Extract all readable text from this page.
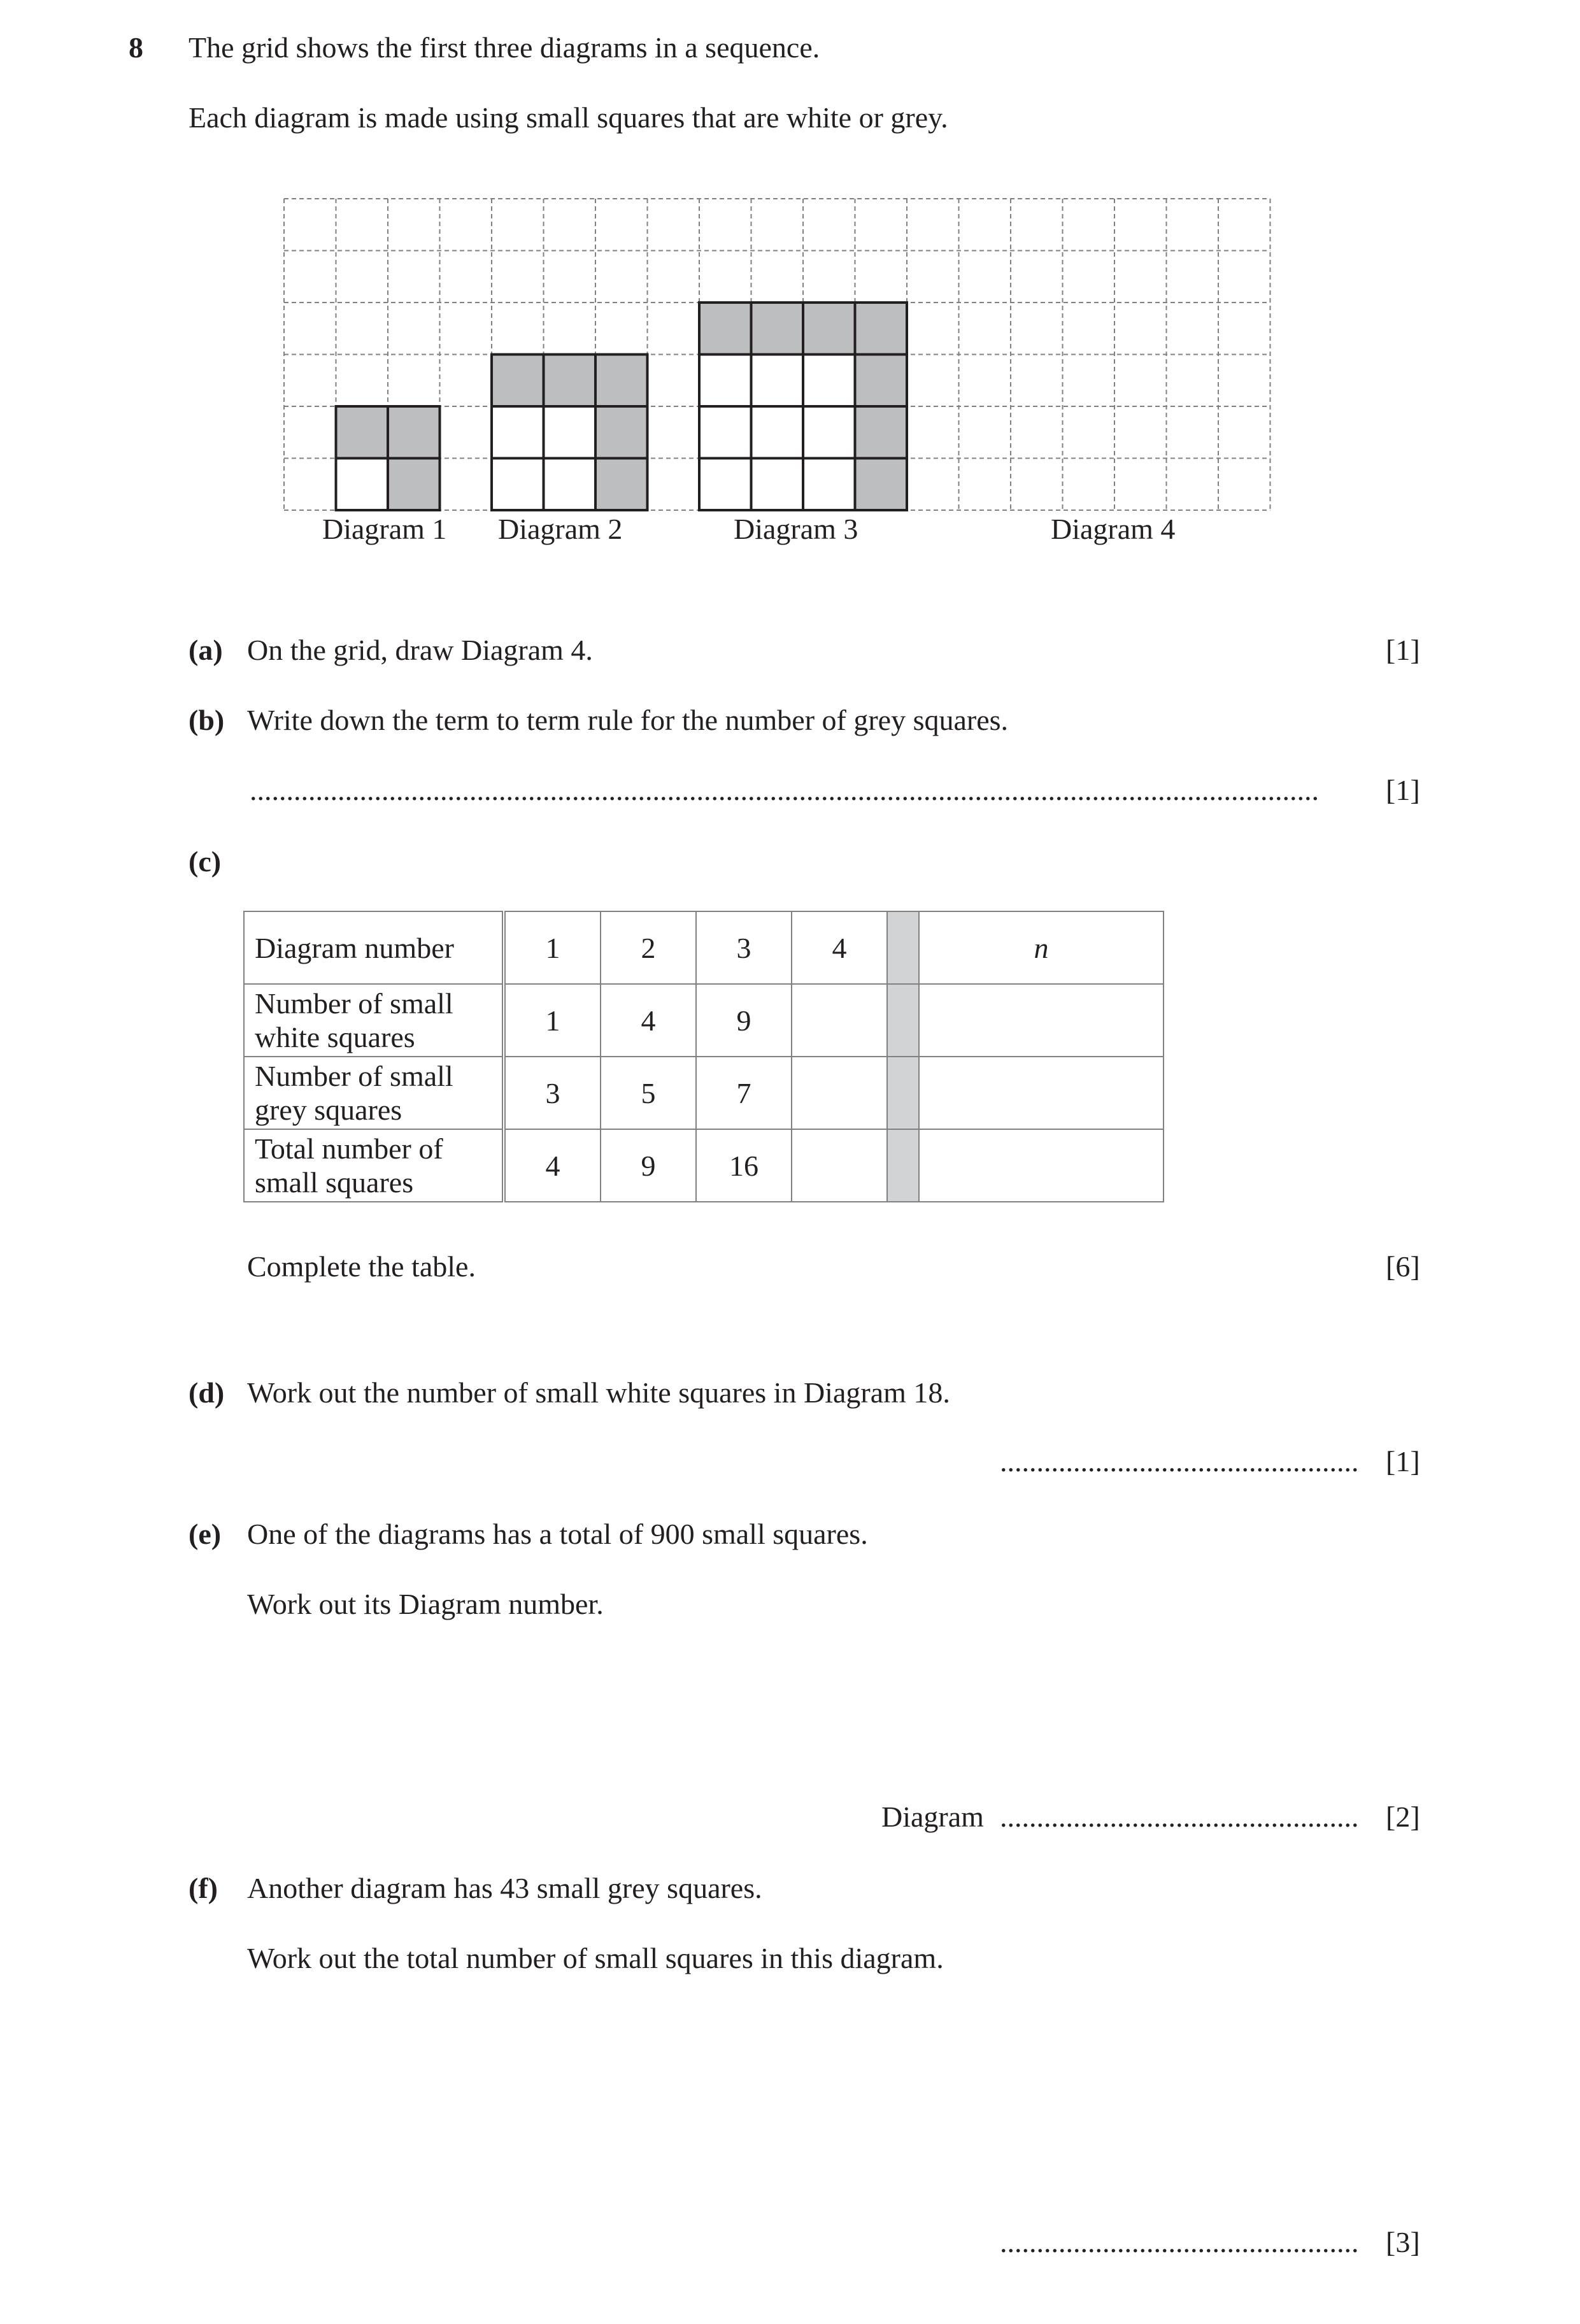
8 The grid shows the first three diagrams in a sequence.
Each diagram is made using small squares that are white or grey.
Diagram 1 Diagram 2	Diagram 3	Diagram 4
(a) On the grid, draw Diagram 4.	[1]
(b) Write down the term to term rule for the number of grey squares.
..................................................................................................................................................	[1]
(c)
Diagram number	1	2	3	4		n
Number of small white squares	1	4	9			
Number of small grey squares	3	5	7			
Total number of small squares	4	9	16			
Complete the table.	[6]
(d) Work out the number of small white squares in Diagram 18.
................................................. [1]
(e) One of the diagrams has a total of 900 small squares.
Work out its Diagram number.
Diagram ................................................. [2]
(f) Another diagram has 43 small grey squares.
Work out the total number of small squares in this diagram.
................................................. [3]
